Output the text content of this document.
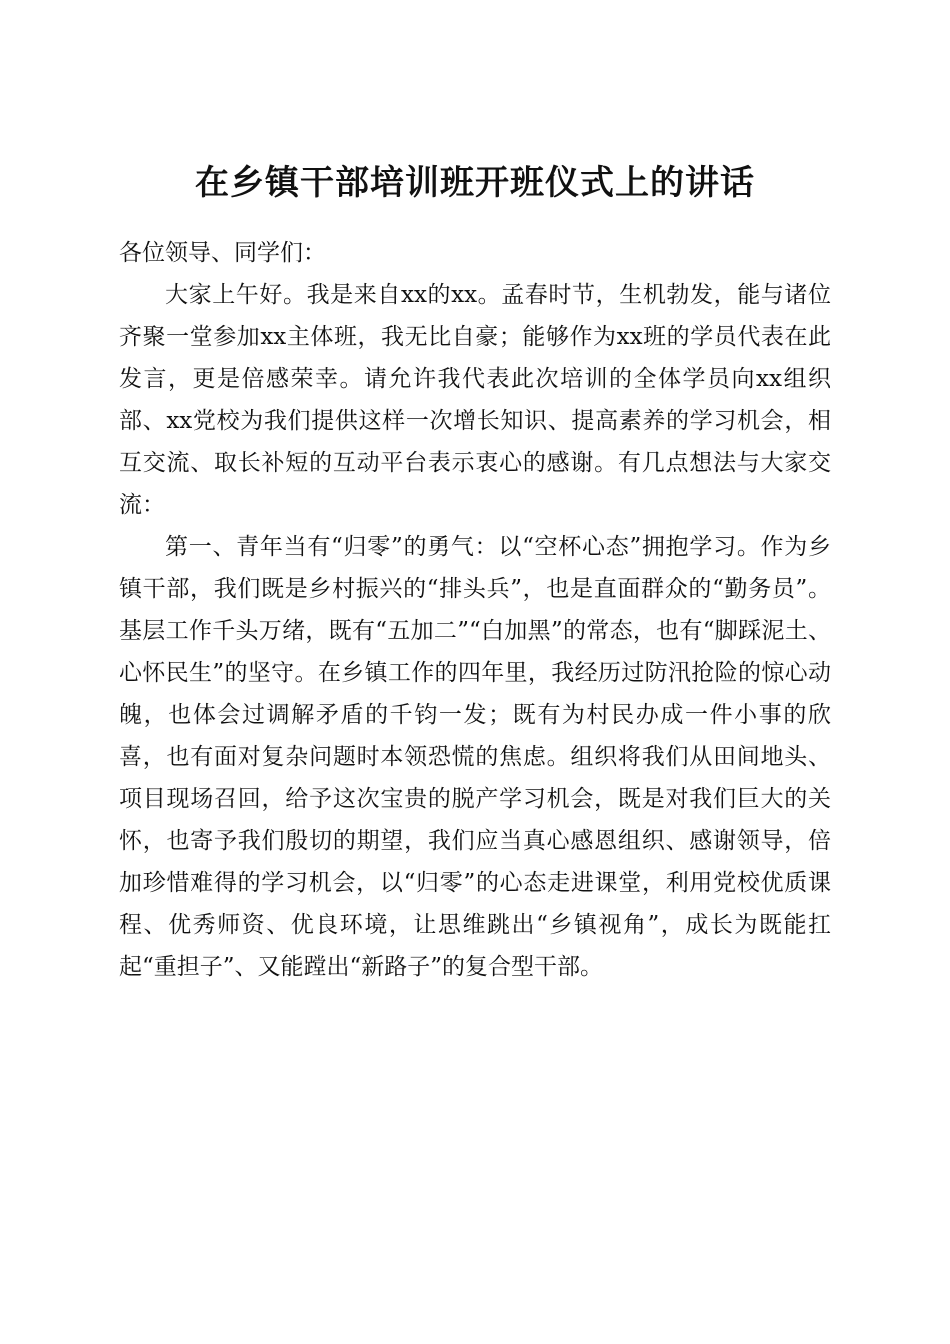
在乡镇干部培训班开班仪式上的讲话

各位领导、同学们：

大家上午好。我是来自xx的xx。孟春时节，生机勃发，能与诸位齐聚一堂参加xx主体班，我无比自豪；能够作为xx班的学员代表在此发言，更是倍感荣幸。请允许我代表此次培训的全体学员向xx组织部、xx党校为我们提供这样一次增长知识、提高素养的学习机会，相互交流、取长补短的互动平台表示衷心的感谢。有几点想法与大家交流：

第一、青年当有“归零”的勇气：以“空杯心态”拥抱学习。作为乡镇干部，我们既是乡村振兴的“排头兵”，也是直面群众的“勤务员”。基层工作千头万绪，既有“五加二”“白加黑”的常态，也有“脚踩泥土、心怀民生”的坚守。在乡镇工作的四年里，我经历过防汛抢险的惊心动魄，也体会过调解矛盾的千钧一发；既有为村民办成一件小事的欣喜，也有面对复杂问题时本领恐慌的焦虑。组织将我们从田间地头、项目现场召回，给予这次宝贵的脱产学习机会，既是对我们巨大的关怀，也寄予我们殷切的期望，我们应当真心感恩组织、感谢领导，倍加珍惜难得的学习机会，以“归零”的心态走进课堂，利用党校优质课程、优秀师资、优良环境，让思维跳出“乡镇视角”，成长为既能扛起“重担子”、又能蹚出“新路子”的复合型干部。
